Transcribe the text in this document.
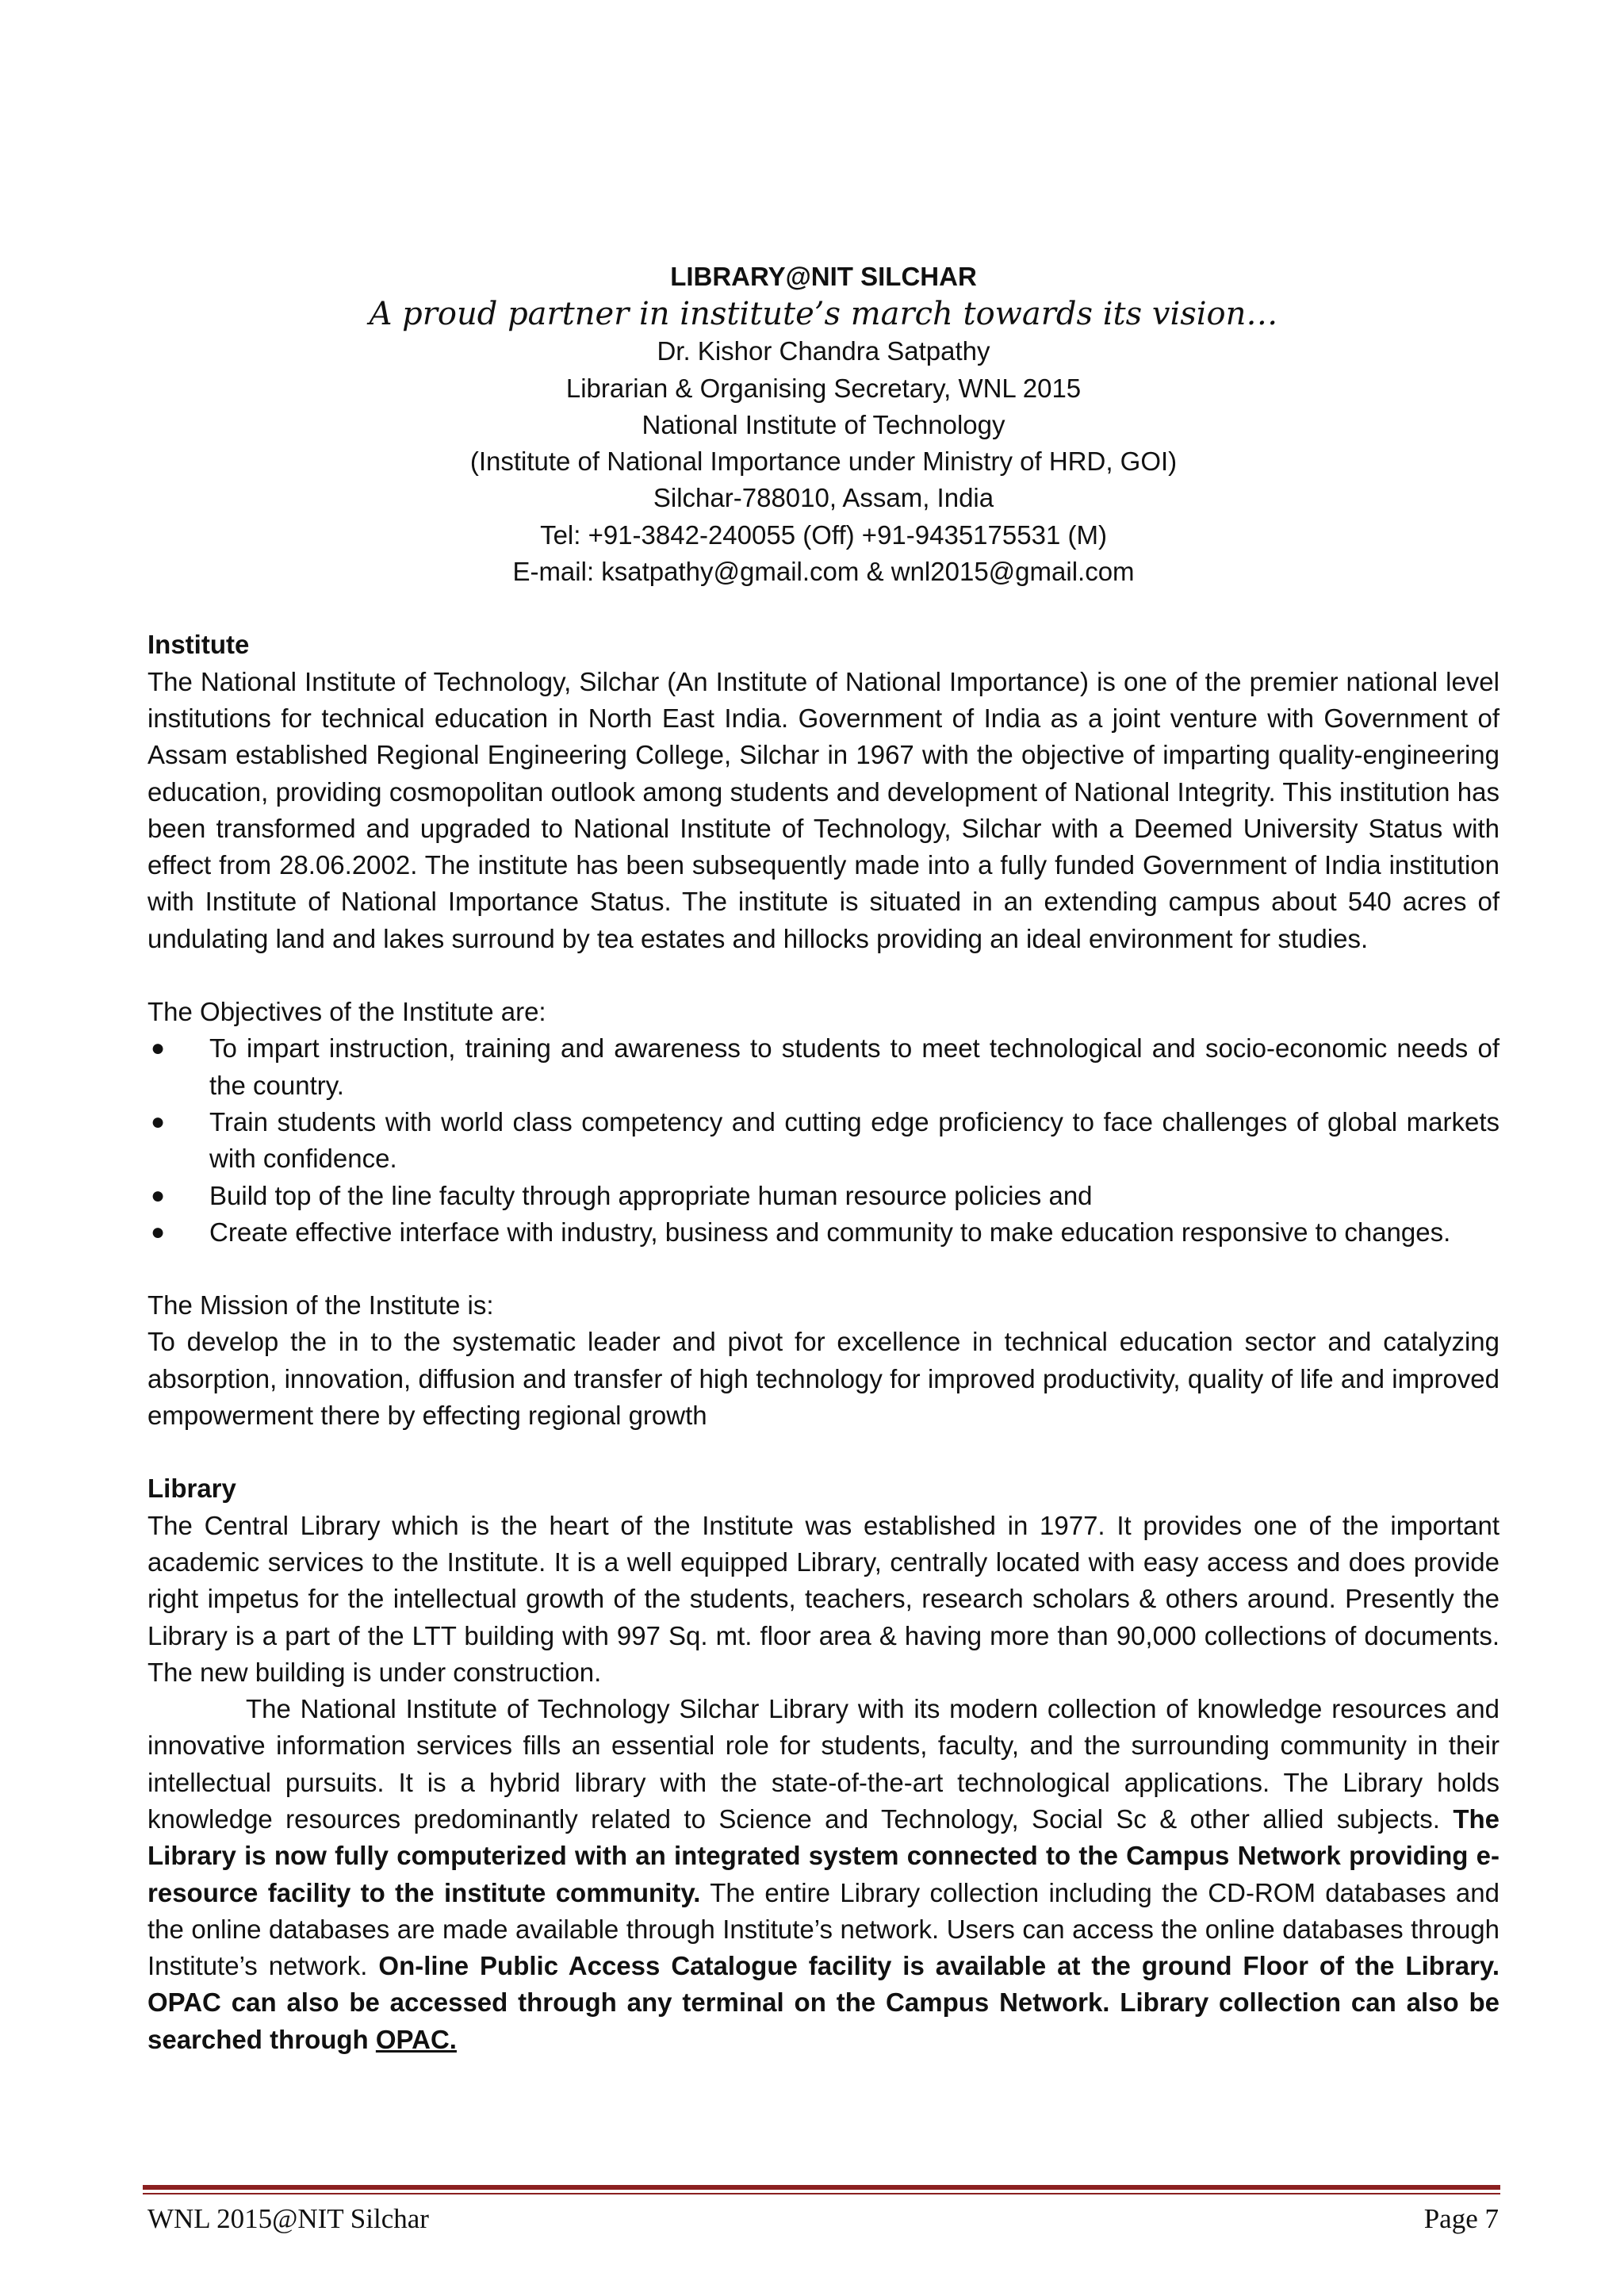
LIBRARY@NIT SILCHAR
A proud partner in institute’s march towards its vision…
Dr. Kishor Chandra Satpathy
Librarian & Organising Secretary, WNL 2015
National Institute of Technology
(Institute of National Importance under Ministry of HRD, GOI)
Silchar-788010, Assam, India
Tel: +91-3842-240055 (Off) +91-9435175531 (M)
E-mail: ksatpathy@gmail.com & wnl2015@gmail.com
Institute
The National Institute of Technology, Silchar (An Institute of National Importance) is one of the premier national level institutions for technical education in North East India. Government of India as a joint venture with Government of Assam established Regional Engineering College, Silchar in 1967 with the objective of imparting quality-engineering education, providing cosmopolitan outlook among students and development of National Integrity. This institution has been transformed and upgraded to National Institute of Technology, Silchar with a Deemed University Status with effect from 28.06.2002. The institute has been subsequently made into a fully funded Government of India institution with Institute of National Importance Status. The institute is situated in an extending campus about 540 acres of undulating land and lakes surround by tea estates and hillocks providing an ideal environment for studies.
The Objectives of the Institute are:
● To impart instruction, training and awareness to students to meet technological and socio-economic needs of the country.
● Train students with world class competency and cutting edge proficiency to face challenges of global markets with confidence.
● Build top of the line faculty through appropriate human resource policies and
● Create effective interface with industry, business and community to make education responsive to changes.
The Mission of the Institute is:
To develop the in to the systematic leader and pivot for excellence in technical education sector and catalyzing absorption, innovation, diffusion and transfer of high technology for improved productivity, quality of life and improved empowerment there by effecting regional growth
Library
The Central Library which is the heart of the Institute was established in 1977. It provides one of the important academic services to the Institute. It is a well equipped Library, centrally located with easy access and does provide right impetus for the intellectual growth of the students, teachers, research scholars & others around. Presently the Library is a part of the LTT building with 997 Sq. mt. floor area & having more than 90,000 collections of documents. The new building is under construction.
The National Institute of Technology Silchar Library with its modern collection of knowledge resources and innovative information services fills an essential role for students, faculty, and the surrounding community in their intellectual pursuits. It is a hybrid library with the state-of-the-art technological applications. The Library holds knowledge resources predominantly related to Science and Technology, Social Sc & other allied subjects. The Library is now fully computerized with an integrated system connected to the Campus Network providing e-resource facility to the institute community. The entire Library collection including the CD-ROM databases and the online databases are made available through Institute’s network. Users can access the online databases through Institute’s network. On-line Public Access Catalogue facility is available at the ground Floor of the Library. OPAC can also be accessed through any terminal on the Campus Network. Library collection can also be searched through OPAC.
WNL 2015@NIT Silchar	Page 7
